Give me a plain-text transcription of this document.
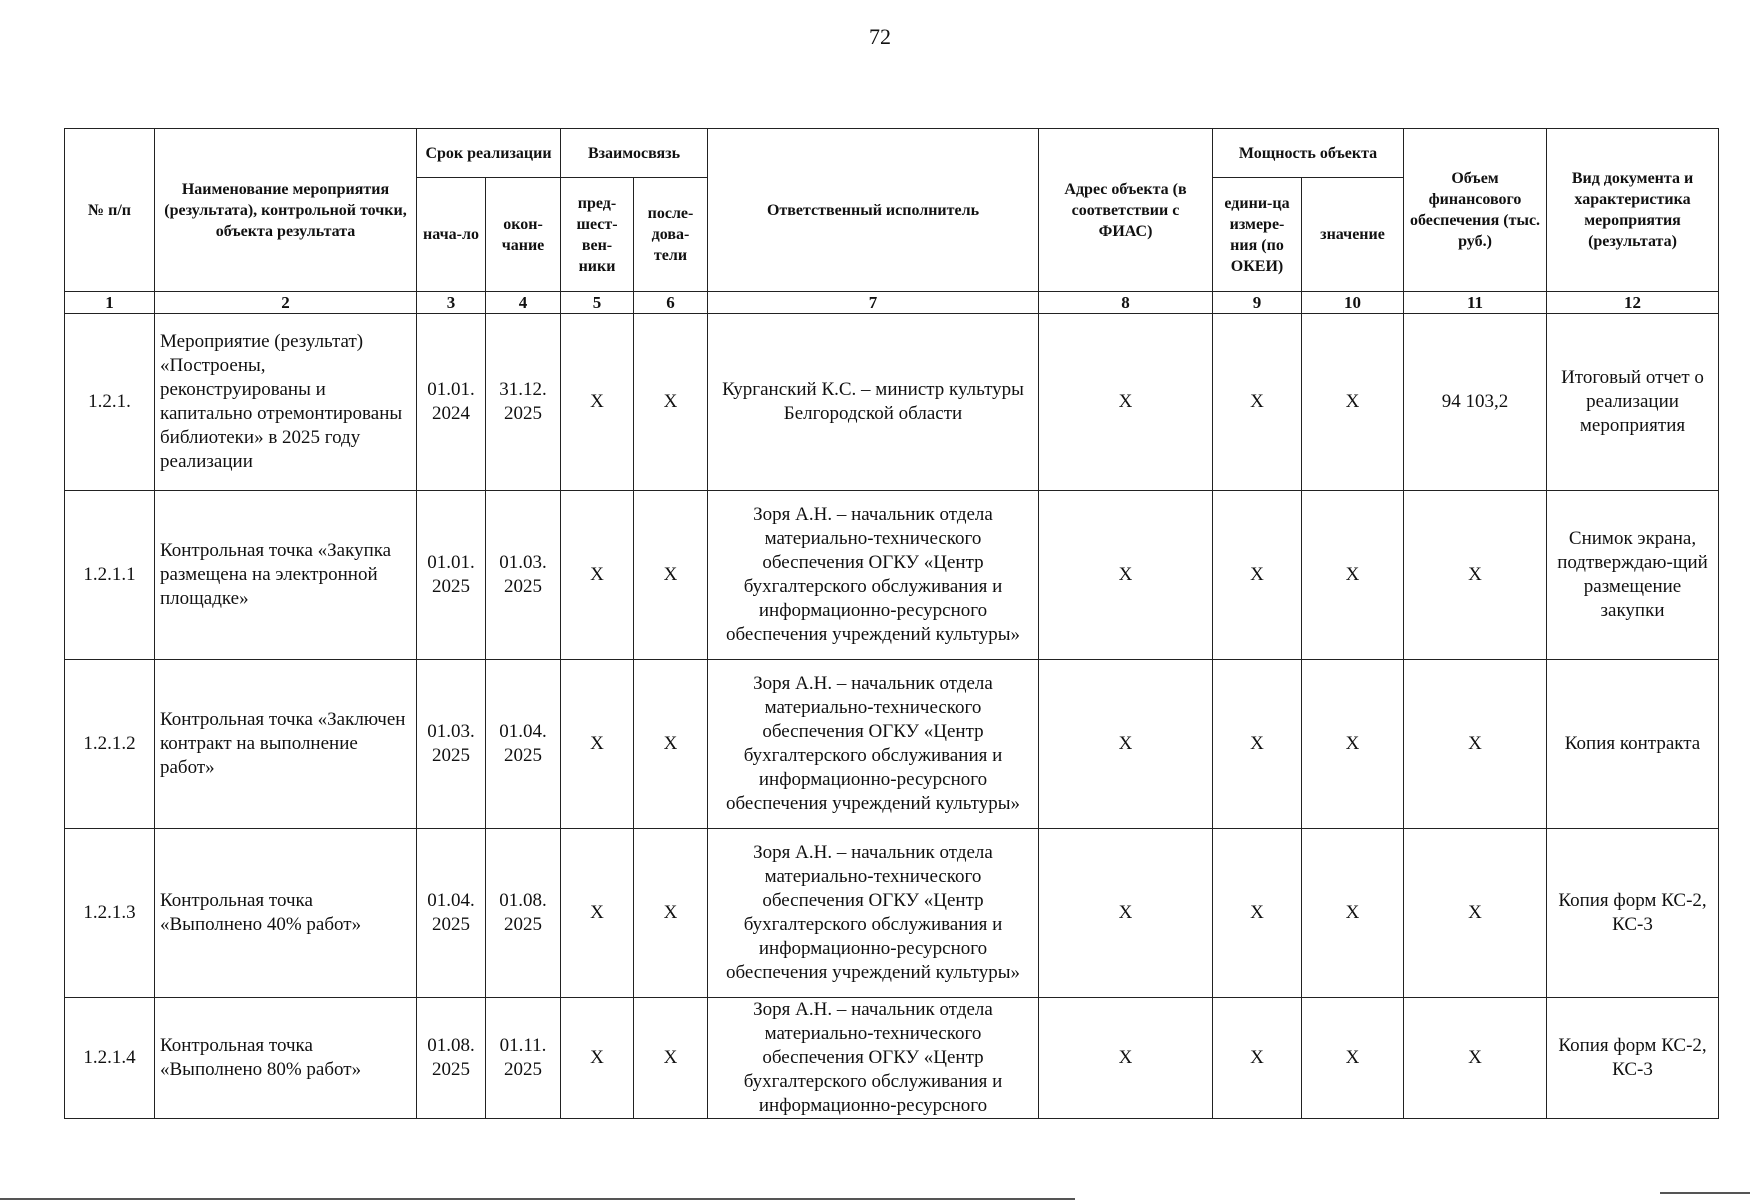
72
№ п/п	Наименование мероприятия (результата), контрольной точки, объекта результата	Срок реализации		Взаимосвязь		Ответственный исполнитель	Адрес объекта (в соответствии с ФИАС)	Мощность объекта		Объем финансового обеспечения (тыс. руб.)	Вид документа и характеристика мероприятия (результата)
		нача-ло	окон-чание	пред-шест-вен-ники	после-дова-тели			едини-ца измере-ния (по ОКЕИ)	значение		
1	2	3	4	5	6	7	8	9	10	11	12
1.2.1.	Мероприятие (результат) «Построены, реконструированы и капитально отремонтированы библиотеки» в 2025 году реализации	01.01. 2024	31.12. 2025	X	X	Курганский К.С. – министр культуры Белгородской области	X	X	X	94 103,2	Итоговый отчет о реализации мероприятия
1.2.1.1	Контрольная точка «Закупка размещена на электронной площадке»	01.01. 2025	01.03. 2025	X	X	Зоря А.Н. – начальник отдела материально-технического обеспечения ОГКУ «Центр бухгалтерского обслуживания и информационно-ресурсного обеспечения учреждений культуры»	X	X	X	X	Снимок экрана, подтверждаю-щий размещение закупки
1.2.1.2	Контрольная точка «Заключен контракт на выполнение работ»	01.03. 2025	01.04. 2025	X	X	Зоря А.Н. – начальник отдела материально-технического обеспечения ОГКУ «Центр бухгалтерского обслуживания и информационно-ресурсного обеспечения учреждений культуры»	X	X	X	X	Копия контракта
1.2.1.3	Контрольная точка «Выполнено 40% работ»	01.04. 2025	01.08. 2025	X	X	Зоря А.Н. – начальник отдела материально-технического обеспечения ОГКУ «Центр бухгалтерского обслуживания и информационно-ресурсного обеспечения учреждений культуры»	X	X	X	X	Копия форм КС-2, КС-3
1.2.1.4	Контрольная точка «Выполнено 80% работ»	01.08. 2025	01.11. 2025	X	X	Зоря А.Н. – начальник отдела материально-технического обеспечения ОГКУ «Центр бухгалтерского обслуживания и информационно-ресурсного	X	X	X	X	Копия форм КС-2, КС-3
